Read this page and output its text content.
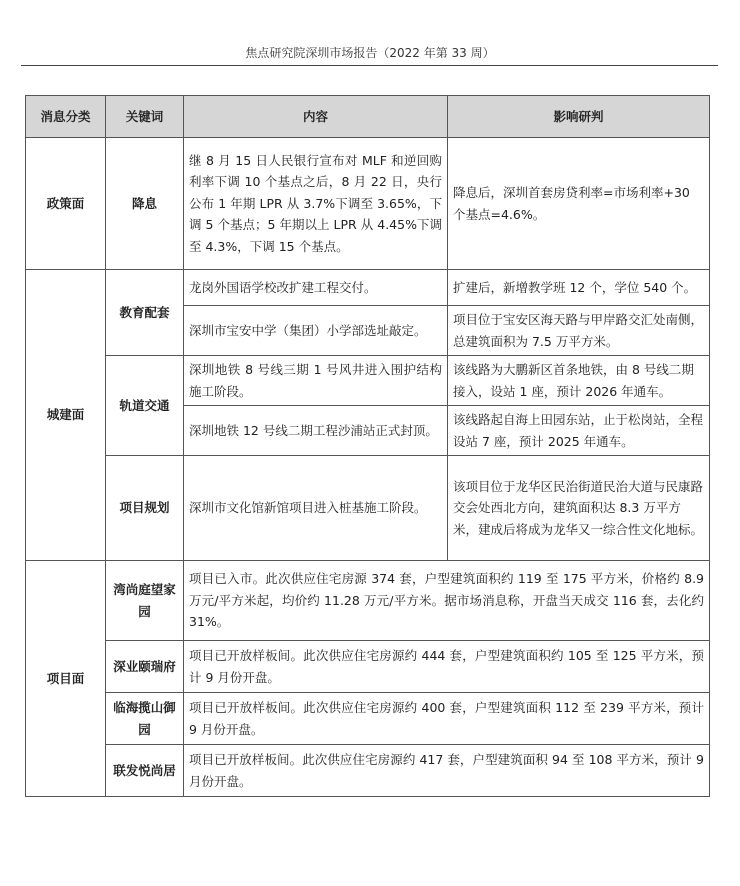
焦点研究院深圳市场报告（2022 年第 33 周）
消息分类	关键词	内容	影响研判
政策面	降息	继 8 月 15 日人民银行宣布对 MLF 和逆回购利率下调 10 个基点之后，8 月 22 日，央行公布 1 年期 LPR 从 3.7%下调至 3.65%，下调 5 个基点；5 年期以上 LPR 从 4.45%下调至 4.3%，下调 15 个基点。	降息后，深圳首套房贷利率=市场利率+30 个基点=4.6%。
城建面	教育配套	龙岗外国语学校改扩建工程交付。	扩建后，新增教学班 12 个，学位 540 个。
		深圳市宝安中学（集团）小学部选址敲定。	项目位于宝安区海天路与甲岸路交汇处南侧，总建筑面积为 7.5 万平方米。
	轨道交通	深圳地铁 8 号线三期 1 号风井进入围护结构施工阶段。	该线路为大鹏新区首条地铁，由 8 号线二期接入，设站 1 座，预计 2026 年通车。
		深圳地铁 12 号线二期工程沙浦站正式封顶。	该线路起自海上田园东站，止于松岗站，全程设站 7 座，预计 2025 年通车。
	项目规划	深圳市文化馆新馆项目进入桩基施工阶段。	该项目位于龙华区民治街道民治大道与民康路交会处西北方向，建筑面积达 8.3 万平方米，建成后将成为龙华又一综合性文化地标。
项目面	湾尚庭望家园	项目已入市。此次供应住宅房源 374 套，户型建筑面积约 119 至 175 平方米，价格约 8.9 万元/平方米起，均价约 11.28 万元/平方米。据市场消息称，开盘当天成交 116 套，去化约 31%。	
	深业颐瑞府	项目已开放样板间。此次供应住宅房源约 444 套，户型建筑面积约 105 至 125 平方米，预计 9 月份开盘。	
	临海揽山御园	项目已开放样板间。此次供应住宅房源约 400 套，户型建筑面积 112 至 239 平方米，预计 9 月份开盘。	
	联发悦尚居	项目已开放样板间。此次供应住宅房源约 417 套，户型建筑面积 94 至 108 平方米，预计 9 月份开盘。	
